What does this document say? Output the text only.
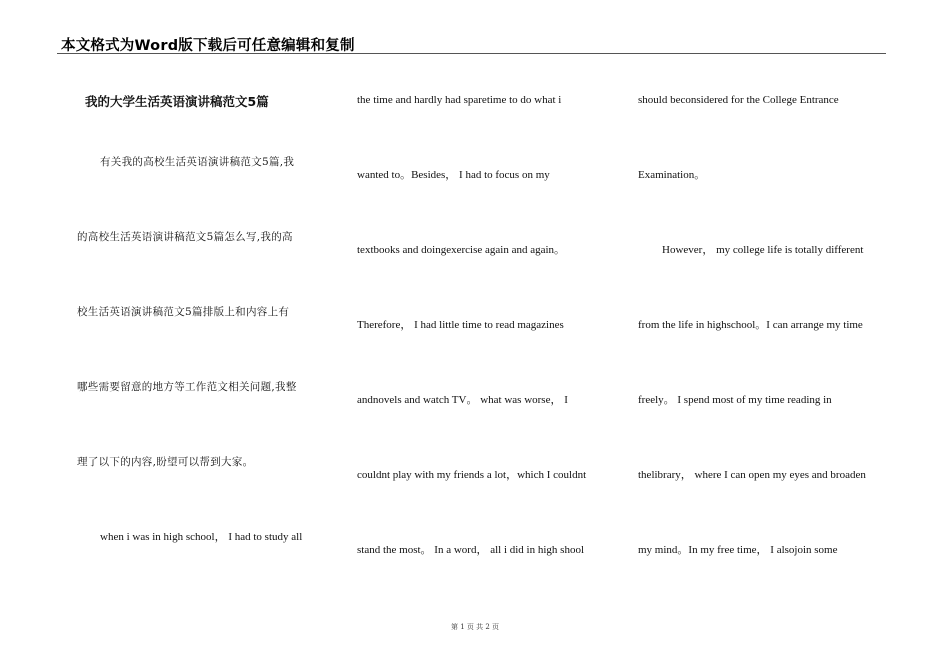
本文格式为Word版下载后可任意编辑和复制
我的大学生活英语演讲稿范文5篇
有关我的高校生活英语演讲稿范文5篇,我
的高校生活英语演讲稿范文5篇怎么写,我的高
校生活英语演讲稿范文5篇排版上和内容上有
哪些需要留意的地方等工作范文相关问题,我整
理了以下的内容,盼望可以帮到大家。
when i was in high school， I had to study all
the time and hardly had sparetime to do what i
wanted to。Besides， I had to focus on my
textbooks and doingexercise again and again。
Therefore， I had little time to read magazines
andnovels and watch TV。 what was worse， I
couldnt play with my friends a lot，which I couldnt
stand the most。 In a word， all i did in high shool
should beconsidered for the College Entrance
Examination。
However， my college life is totally different
from the life in highschool。I can arrange my time
freely。 I spend most of my time reading in
thelibrary， where I can open my eyes and broaden
my mind。In my free time， I alsojoin some
第 1 页 共 2 页
